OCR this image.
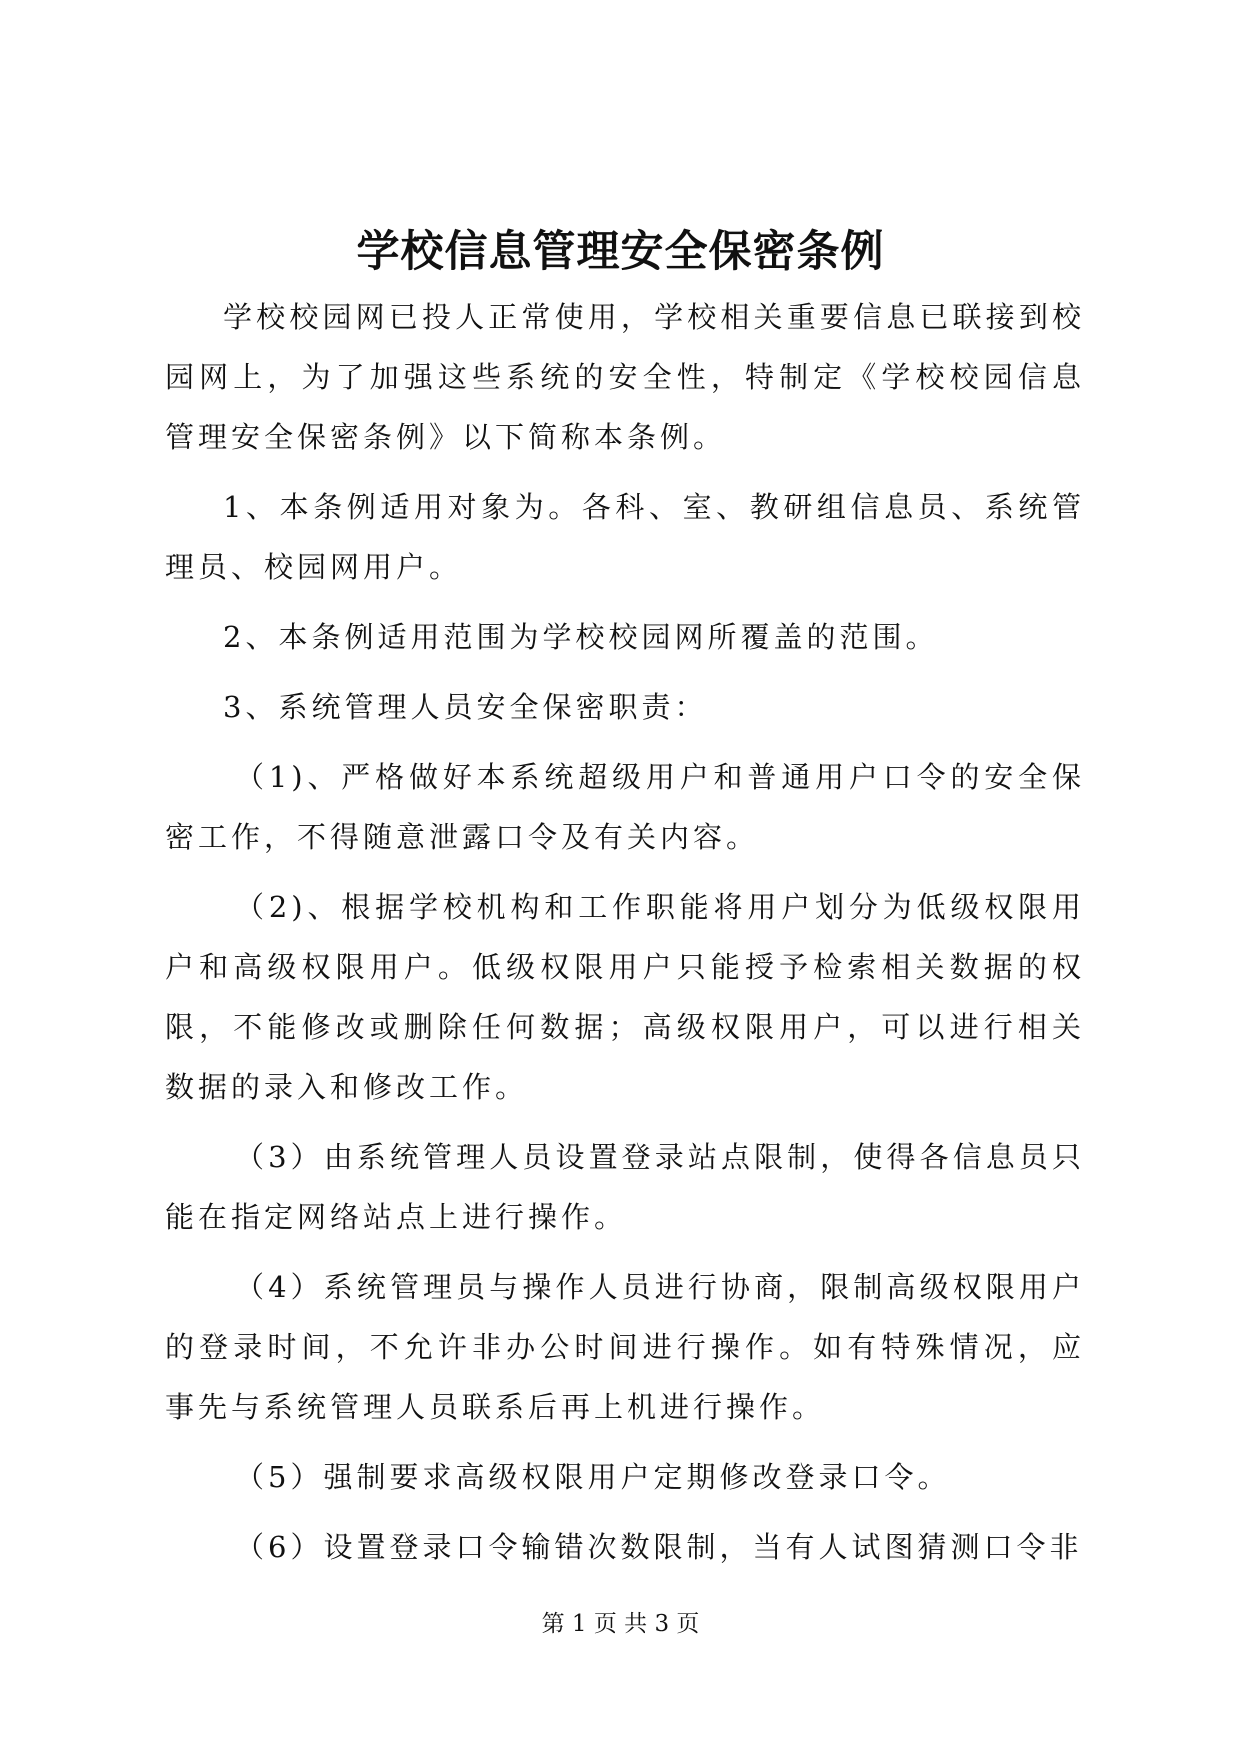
学校信息管理安全保密条例

学校校园网已投人正常使用，学校相关重要信息已联接到校园网上，为了加强这些系统的安全性，特制定《学校校园信息管理安全保密条例》以下简称本条例。

1、本条例适用对象为。各科、室、教研组信息员、系统管理员、校园网用户。

2、本条例适用范围为学校校园网所覆盖的范围。

3、系统管理人员安全保密职责：

（1)、严格做好本系统超级用户和普通用户口令的安全保密工作，不得随意泄露口令及有关内容。

（2)、根据学校机构和工作职能将用户划分为低级权限用户和高级权限用户。低级权限用户只能授予检索相关数据的权限，不能修改或删除任何数据；高级权限用户，可以进行相关数据的录入和修改工作。

（3）由系统管理人员设置登录站点限制，使得各信息员只能在指定网络站点上进行操作。

（4）系统管理员与操作人员进行协商，限制高级权限用户的登录时间，不允许非办公时间进行操作。如有特殊情况，应事先与系统管理人员联系后再上机进行操作。

（5）强制要求高级权限用户定期修改登录口令。

（6）设置登录口令输错次数限制，当有人试图猜测口令非

第 1 页 共 3 页
